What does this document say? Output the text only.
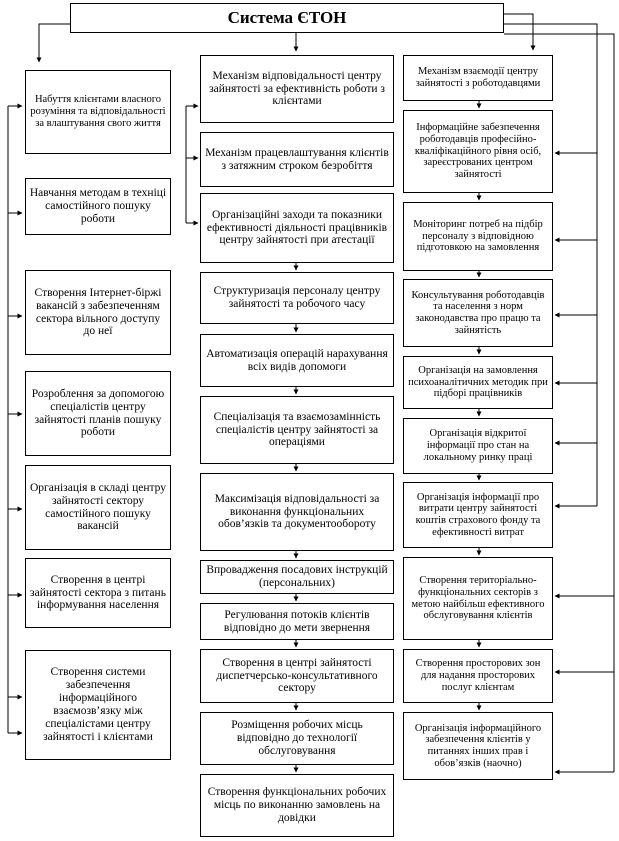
Система ЄТОН
Набуття клієнтами власного розуміння та відповідальності за влаштування свого життя
Навчання методам в техніці самостійного пошуку роботи
Створення Інтернет-біржі вакансій з забезпеченням сектора вільного доступу до неї
Розроблення за допомогою спеціалістів центру зайнятості планів пошуку роботи
Організація в складі центру зайнятості сектору самостійного пошуку вакансій
Створення в центрі зайнятості сектора з питань інформування населення
Створення системи забезпечення інформаційного взаємозв’язку між спеціалістами центру зайнятості і клієнтами
Механізм відповідальності центру зайнятості за ефективність роботи з клієнтами
Механізм працевлаштування клієнтів з затяжним строком безробіття
Організаційні заходи та показники ефективності діяльності працівників центру зайнятості при атестації
Структуризація персоналу центру зайнятості та робочого часу
Автоматизація операцій нарахування всіх видів допомоги
Спеціалізація та взаємозамінність спеціалістів центру зайнятості за операціями
Максимізація відповідальності за виконання функціональних обов’язків та документообороту
Впровадження посадових інструкцій (персональних)
Регулювання потоків клієнтів відповідно до мети звернення
Створення в центрі зайнятості диспетчерсько-консультативного сектору
Розміщення робочих місць відповідно до технології обслуговування
Створення функціональних робочих місць по виконанню замовлень на довідки
Механізм взаємодії центру зайнятості з роботодавцями
Інформаційне забезпечення роботодавців професійно-кваліфікаційного рівня осіб, зареєстрованих центром зайнятості
Моніторинг потреб на підбір персоналу з відповідною підготовкою на замовлення
Консультування роботодавців та населення з норм законодавства про працю та зайнятість
Організація на замовлення психоаналітичних методик при підборі працівників
Організація відкритої інформації про стан на локальному ринку праці
Організація інформації про витрати центру зайнятості коштів страхового фонду та ефективності витрат
Створення територіально-функціональних секторів з метою найбільш ефективного обслуговування клієнтів
Створення просторових зон для надання просторових послуг клієнтам
Організація інформаційного забезпечення клієнтів у питаннях інших прав і обов’язків (наочно)
